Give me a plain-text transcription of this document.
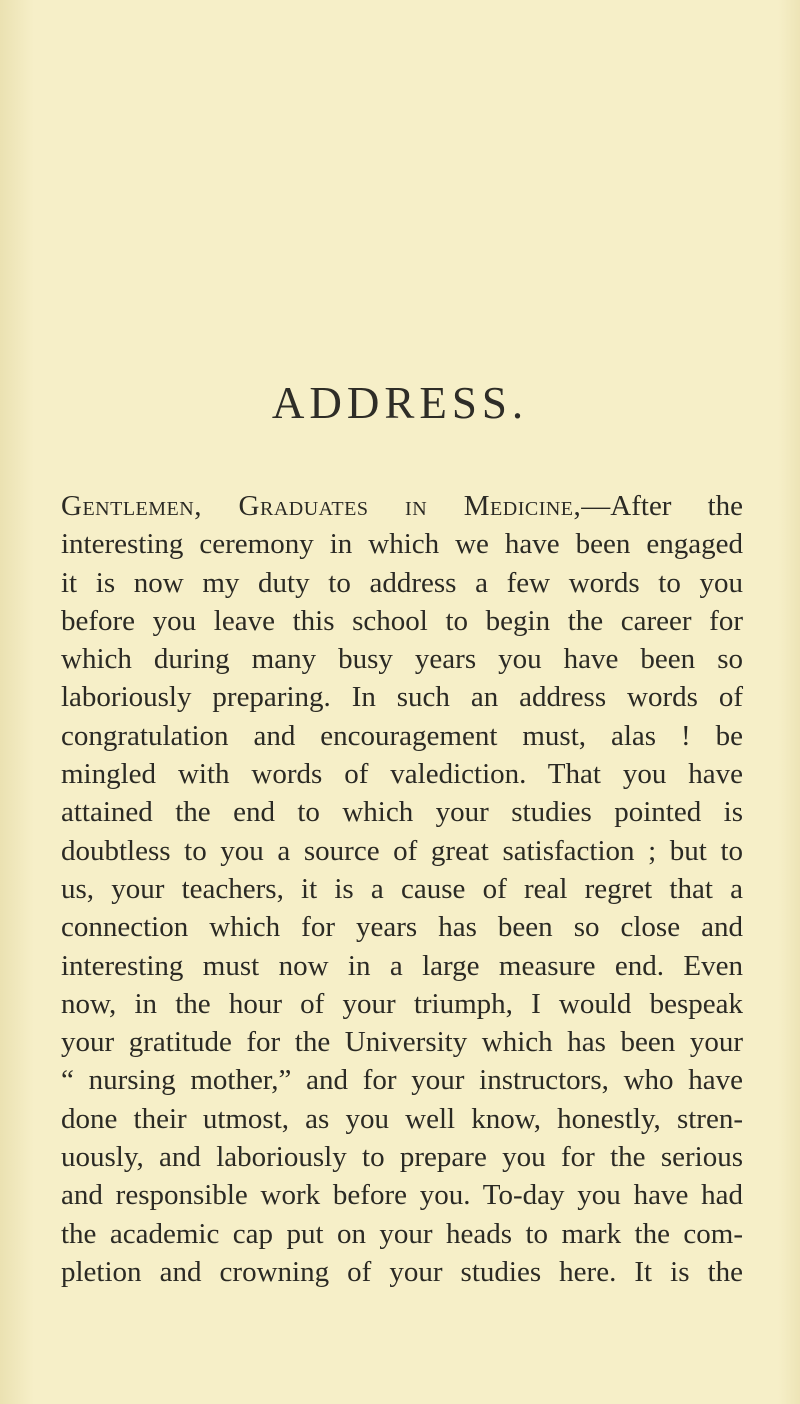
ADDRESS.
Gentlemen, Graduates in Medicine,—After the
interesting ceremony in which we have been engaged
it is now my duty to address a few words to you
before you leave this school to begin the career for
which during many busy years you have been so
laboriously preparing. In such an address words of
congratulation and encouragement must, alas ! be
mingled with words of valediction. That you have
attained the end to which your studies pointed is
doubtless to you a source of great satisfaction ; but to
us, your teachers, it is a cause of real regret that a
connection which for years has been so close and
interesting must now in a large measure end. Even
now, in the hour of your triumph, I would bespeak
your gratitude for the University which has been your
“ nursing mother,” and for your instructors, who have
done their utmost, as you well know, honestly, stren-
uously, and laboriously to prepare you for the serious
and responsible work before you. To-day you have had
the academic cap put on your heads to mark the com-
pletion and crowning of your studies here. It is the
